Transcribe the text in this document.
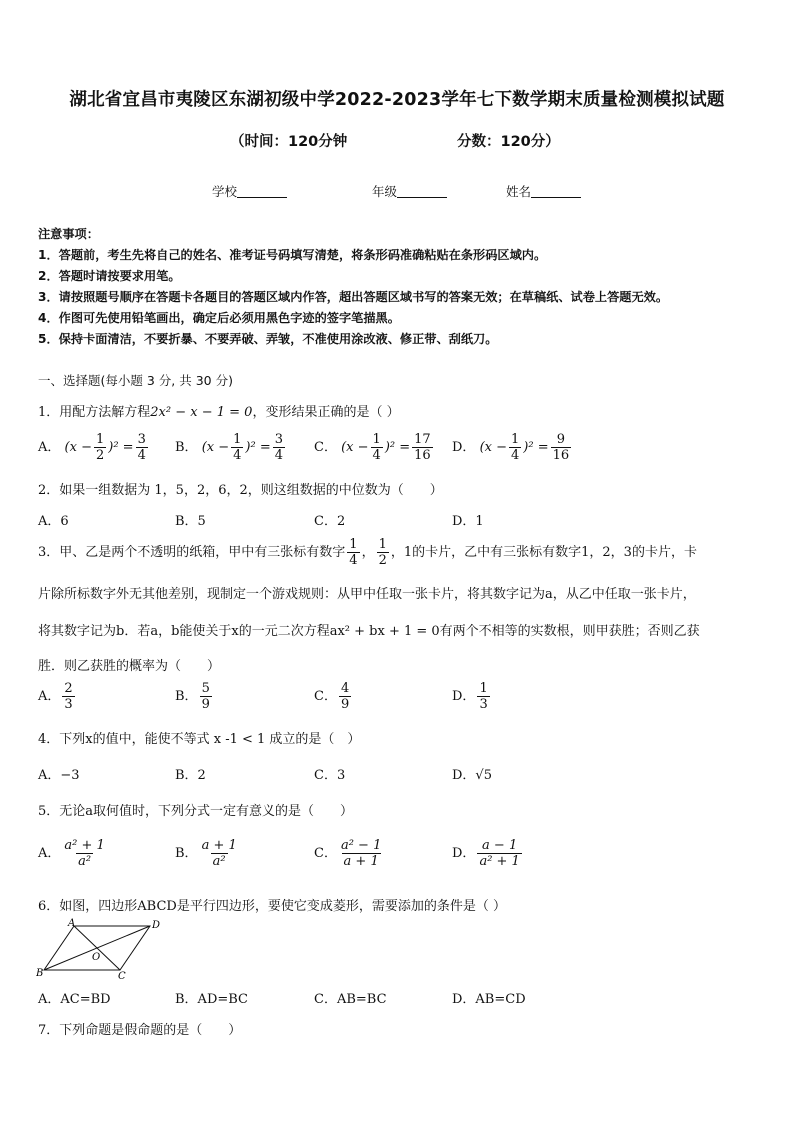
湖北省宜昌市夷陵区东湖初级中学2022-2023学年七下数学期末质量检测模拟试题
（时间：120分钟	分数：120分）
学校	年级	姓名
注意事项：
1．答题前，考生先将自己的姓名、准考证号码填写清楚，将条形码准确粘贴在条形码区域内。
2．答题时请按要求用笔。
3．请按照题号顺序在答题卡各题目的答题区域内作答，超出答题区域书写的答案无效；在草稿纸、试卷上答题无效。
4．作图可先使用铅笔画出，确定后必须用黑色字迹的签字笔描黑。
5．保持卡面清洁，不要折暴、不要弄破、弄皱，不准使用涂改液、修正带、刮纸刀。
一、选择题(每小题 3 分, 共 30 分)
1．用配方法解方程2x² − x − 1 = 0，变形结果正确的是（ ）
A． $(x - \frac{1}{2} )^2 = \frac{3}{4}$ B． $(x - \frac{1}{4} )^2 = \frac{3}{4}$ C． $(x - \frac{1}{4} )^2 = \frac{17}{16}$ D． $(x - \frac{1}{4} )^2 = \frac{9}{16}$
2．如果一组数据为 1，5，2，6，2，则这组数据的中位数为（　　）
A．6	B．5	C．2	D．1
3．甲、乙是两个不透明的纸箱，甲中有三张标有数字 $\frac{1}{4}$ ， $\frac{1}{2}$ ，1的卡片，乙中有三张标有数字1，2，3的卡片，卡
片除所标数字外无其他差别，现制定一个游戏规则：从甲中任取一张卡片，将其数字记为a，从乙中任取一张卡片，
将其数字记为b．若a，b能使关于x的一元二次方程ax² + bx + 1 = 0有两个不相等的实数根，则甲获胜；否则乙获
胜．则乙获胜的概率为（　　）
A． $\frac{2}{3}$	B． $\frac{5}{9}$	C． $\frac{4}{9}$	D． $\frac{1}{3}$
4．下列x的值中，能使不等式 x -1 < 1 成立的是（　）
A．−3	B．2	C．3	D．√5
5．无论a取何值时，下列分式一定有意义的是（　　）
A． $\frac{\text{a² + 1}}{\text{a²}}$	B． $\frac{a + 1}{\text{a²}}$	C． $\frac{\text{a² − 1}}{a + 1}$	D． $\frac{a - 1}{\text{a² + 1}}$
6．如图，四边形ABCD是平行四边形，要使它变成菱形，需要添加的条件是（ ）
A	D
B	C
O
A．AC=BD	B．AD=BC	C．AB=BC	D．AB=CD
7．下列命题是假命题的是（　　）
